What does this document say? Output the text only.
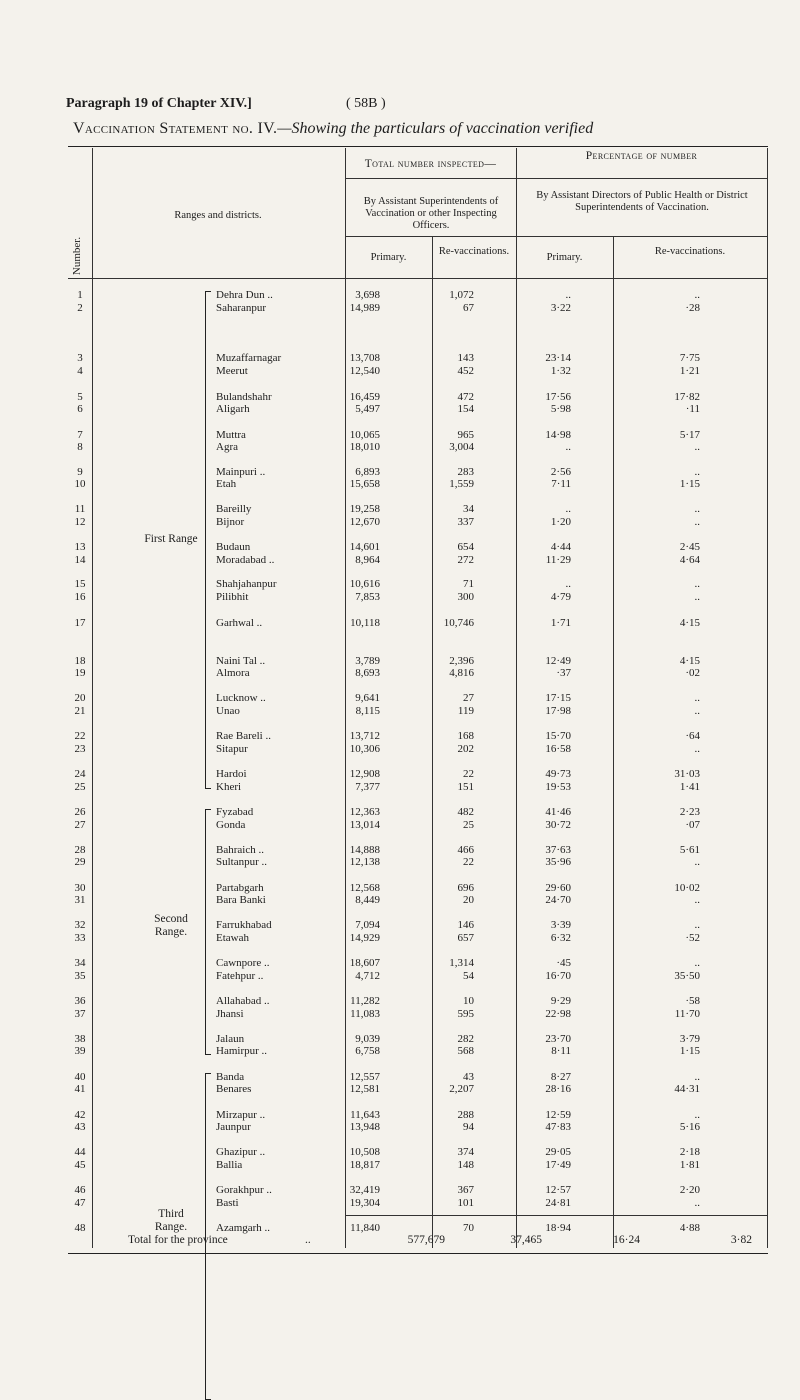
Paragraph 19 of Chapter XIV.]	( 58B )
Vaccination Statement no. IV.—Showing the particulars of vaccination verified
Number.
Ranges and districts.
Total number inspected—
Percentage of number
By Assistant Superintendents of Vaccination or other Inspecting Officers.
By Assistant Directors of Public Health or District Superintendents of Vaccination.
Primary.
Re-vaccinations.
Primary.
Re-vaccinations.
First Range
Second
Range.
Third
Range.
1	Dehra Dun ..	3,698	1,072	..	..
2	Saharanpur	14,989	67	3·22	·28
3	Muzaffarnagar	13,708	143	23·14	7·75
4	Meerut	12,540	452	1·32	1·21
5	Bulandshahr	16,459	472	17·56	17·82
6	Aligarh	5,497	154	5·98	·11
7	Muttra	10,065	965	14·98	5·17
8	Agra	18,010	3,004	..	..
9	Mainpuri ..	6,893	283	2·56	..
10	Etah	15,658	1,559	7·11	1·15
11	Bareilly	19,258	34	..	..
12	Bijnor	12,670	337	1·20	..
13	Budaun	14,601	654	4·44	2·45
14	Moradabad ..	8,964	272	11·29	4·64
15	Shahjahanpur	10,616	71	..	..
16	Pilibhit	7,853	300	4·79	..
17	Garhwal ..	10,118	10,746	1·71	4·15
18	Naini Tal ..	3,789	2,396	12·49	4·15
19	Almora	8,693	4,816	·37	·02
20	Lucknow ..	9,641	27	17·15	..
21	Unao	8,115	119	17·98	..
22	Rae Bareli ..	13,712	168	15·70	·64
23	Sitapur	10,306	202	16·58	..
24	Hardoi	12,908	22	49·73	31·03
25	Kheri	7,377	151	19·53	1·41
26	Fyzabad	12,363	482	41·46	2·23
27	Gonda	13,014	25	30·72	·07
28	Bahraich ..	14,888	466	37·63	5·61
29	Sultanpur ..	12,138	22	35·96	..
30	Partabgarh	12,568	696	29·60	10·02
31	Bara Banki	8,449	20	24·70	..
32	Farrukhabad	7,094	146	3·39	..
33	Etawah	14,929	657	6·32	·52
34	Cawnpore ..	18,607	1,314	·45	..
35	Fatehpur ..	4,712	54	16·70	35·50
36	Allahabad ..	11,282	10	9·29	·58
37	Jhansi	11,083	595	22·98	11·70
38	Jalaun	9,039	282	23·70	3·79
39	Hamirpur ..	6,758	568	8·11	1·15
40	Banda	12,557	43	8·27	..
41	Benares	12,581	2,207	28·16	44·31
42	Mirzapur ..	11,643	288	12·59	..
43	Jaunpur	13,948	94	47·83	5·16
44	Ghazipur ..	10,508	374	29·05	2·18
45	Ballia	18,817	148	17·49	1·81
46	Gorakhpur ..	32,419	367	12·57	2·20
47	Basti	19,304	101	24·81	..
48	Azamgarh ..	11,840	70	18·94	4·88
Total for the province	..	577,679	37,465	16·24	3·82
